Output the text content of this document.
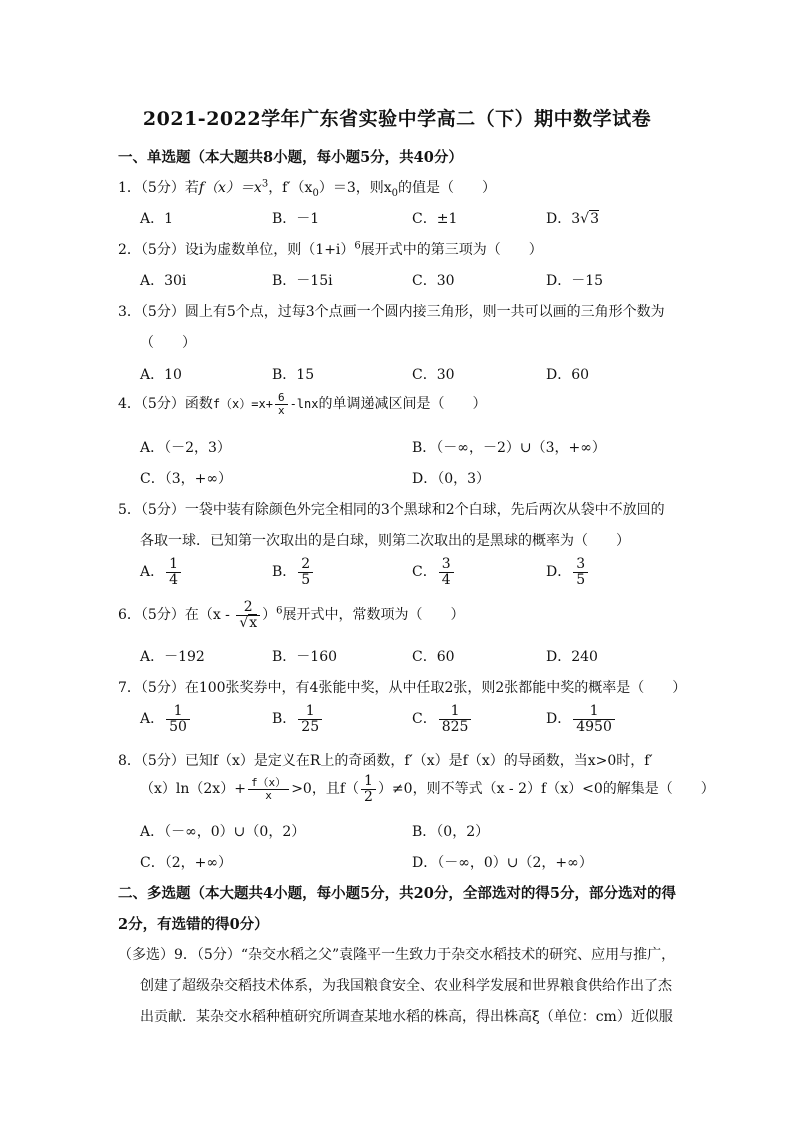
2021-2022学年广东省实验中学高二（下）期中数学试卷
一、单选题（本大题共8小题，每小题5分，共40分）
1．（5分）若$f(x)=x^3$，$f'(x_0)=3$，则$x_0$的值是（　　）
A．1	B．－1	C．±1	D．3√3
2．（5分）设i为虚数单位，则$(1+i)^6$展开式中的第三项为（　　）
A．30i	B．－15i	C．30	D．－15
3．（5分）圆上有5个点，过每3个点画一个圆内接三角形，则一共可以画的三角形个数为
（　　）
A．10	B．15	C．30	D．60
4．（5分）函数$f(x)=x+ \frac{6}{x} -\ln x$的单调递减区间是（　　）
A．（－2，3）	B．（－∞，－2）∪（3，+∞）
C．（3，+∞）	D．（0，3）
5．（5分）一袋中装有除颜色外完全相同的3个黑球和2个白球，先后两次从袋中不放回的
各取一球．已知第一次取出的是白球，则第二次取出的是黑球的概率为（　　）
A． $\frac{1}{4}$	B． $\frac{2}{5}$	C． $\frac{3}{4}$	D． $\frac{3}{5}$
6．（5分）在$(x - \frac{2}{√x} )^6$展开式中，常数项为（　　）
A．－192	B．－160	C．60	D．240
7．（5分）在100张奖券中，有4张能中奖，从中任取2张，则2张都能中奖的概率是（　　）
A． $\frac{1}{50}$	B． $\frac{1}{25}$	C． $\frac{1}{825}$	D． $\frac{1}{4950}$
8．（5分）已知f（x）是定义在R上的奇函数，f′（x）是f（x）的导函数，当x>0时，f′
$(x)\ln(2x)+ \frac{f(x)}{x} >0$，且$f( \frac{1}{2} )\ne 0$，则不等式（x - 2）f（x）<0的解集是（　　）
A．（－∞，0）∪（0，2）	B．（0，2）
C．（2，+∞）	D．（－∞，0）∪（2，+∞）
二、多选题（本大题共4小题，每小题5分，共20分，全部选对的得5分，部分选对的得
2分，有选错的得0分）
（多选）9．（5分）“杂交水稻之父”袁隆平一生致力于杂交水稻技术的研究、应用与推广，
创建了超级杂交稻技术体系，为我国粮食安全、农业科学发展和世界粮食供给作出了杰
出贡献．某杂交水稻种植研究所调查某地水稻的株高，得出株高ξ（单位：cm）近似服
